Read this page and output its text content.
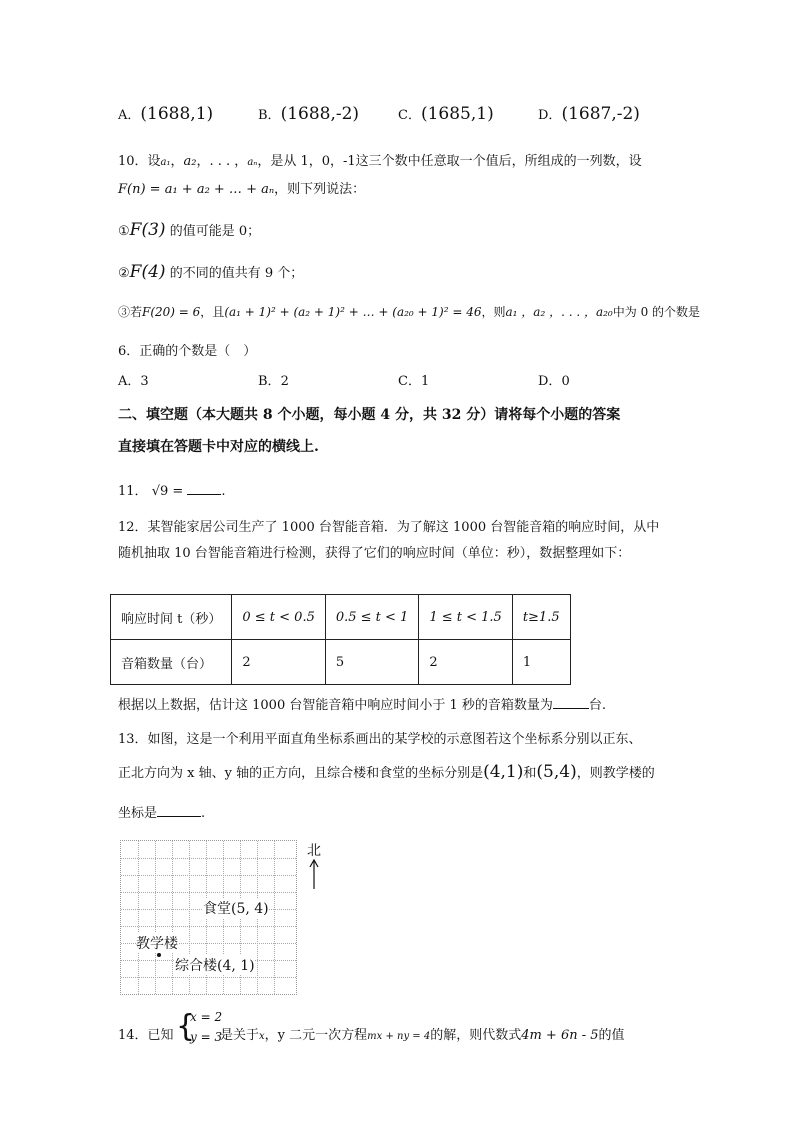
A．(1688,1)	B．(1688,-2)	C．(1685,1)	D．(1687,-2)
10．设a₁，a₂，. . . ，aₙ，是从 1，0，-1这三个数中任意取一个值后，所组成的一列数，设
F(n) = a₁ + a₂ + … + aₙ，则下列说法：
①F(3) 的值可能是 0；
②F(4) 的不同的值共有 9 个；
③若F(20) = 6，且(a₁ + 1)² + (a₂ + 1)² + … + (a₂₀ + 1)² = 46，则a₁ ，a₂ ，. . . ，a₂₀中为 0 的个数是
6．正确的个数是（　）
A．3	B．2	C．1	D．0
二、填空题（本大题共 8 个小题，每小题 4 分，共 32 分）请将每个小题的答案
直接填在答题卡中对应的横线上.
11． √9 =	.
12．某智能家居公司生产了 1000 台智能音箱．为了解这 1000 台智能音箱的响应时间，从中
随机抽取 10 台智能音箱进行检测，获得了它们的响应时间（单位：秒），数据整理如下：
响应时间 t（秒）	0 ≤ t < 0.5	0.5 ≤ t < 1	1 ≤ t < 1.5	t≥1.5
音箱数量（台）	2	5	2	1
根据以上数据，估计这 1000 台智能音箱中响应时间小于 1 秒的音箱数量为	台.
13．如图，这是一个利用平面直角坐标系画出的某学校的示意图若这个坐标系分别以正东、
正北方向为 x 轴、y 轴的正方向，且综合楼和食堂的坐标分别是(4,1)和(5,4)，则教学楼的
坐标是	.
食堂(5, 4)
教学楼
综合楼(4, 1)
北
14．已知 {
x = 2
y = 3
是关于x，y 二元一次方程mx + ny = 4的解，则代数式4m + 6n - 5的值
